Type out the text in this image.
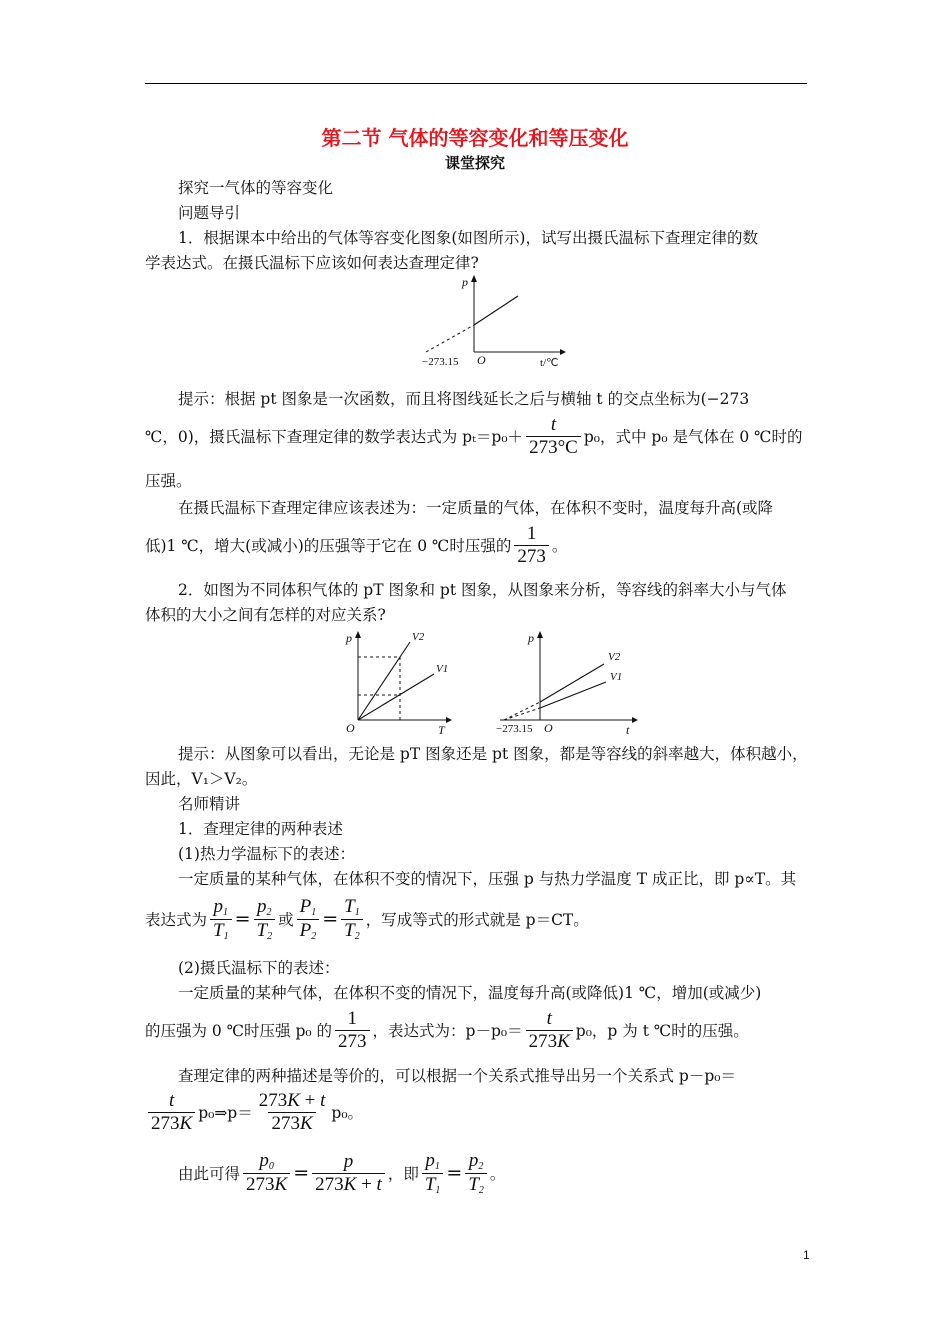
第二节 气体的等容变化和等压变化
课堂探究
探究一气体的等容变化
问题导引
1．根据课本中给出的气体等容变化图象(如图所示)，试写出摄氏温标下查理定律的数
学表达式。在摄氏温标下应该如何表达查理定律?
p
O
−273.15	t/℃
提示：根据 pt 图象是一次函数，而且将图线延长之后与横轴 t 的交点坐标为(−273
℃，0)，摄氏温标下查理定律的数学表达式为 $p_t=p_0+ \frac{t}{273^\circ C} p_0$，式中 p₀ 是气体在 0 ℃时的
压强。
在摄氏温标下查理定律应该表述为：一定质量的气体，在体积不变时，温度每升高(或降
低)1 ℃，增大(或减小)的压强等于它在 0 ℃时压强的 $\frac{1}{273}$ 。
2．如图为不同体积气体的 pT 图象和 pt 图象，从图象来分析，等容线的斜率大小与气体
体积的大小之间有怎样的对应关系?
p
O	T
V2
V1
p
O
−273.15	t
V2
V1
提示：从图象可以看出，无论是 pT 图象还是 pt 图象，都是等容线的斜率越大，体积越小，
因此，V₁＞V₂。
名师精讲
1．查理定律的两种表述
(1)热力学温标下的表述：
一定质量的某种气体，在体积不变的情况下，压强 p 与热力学温度 T 成正比，即 p∝T。其
表达式为 $\frac{p_1}{T_1} = \frac{p_2}{T_2}$ 或 $\frac{P_1}{P_2} = \frac{T_1}{T_2}$ ，写成等式的形式就是 p＝CT。
(2)摄氏温标下的表述：
一定质量的某种气体，在体积不变的情况下，温度每升高(或降低)1 ℃，增加(或减少)
的压强为 0 ℃时压强 p₀ 的 $\frac{1}{273}$ ，表达式为：$p-p_0= \frac{t}{273K} p_0$，p 为 t ℃时的压强。
查理定律的两种描述是等价的，可以根据一个关系式推导出另一个关系式 p－p₀＝
$\frac{t}{273K}$ p₀⇒p＝ $\frac{273K + t}{273K} p_0$。
由此可得 $\frac{p_0}{273K} = \frac{p}{273K + t}$ ，即 $\frac{p_1}{T_1} = \frac{p_2}{T_2}$ 。
1
